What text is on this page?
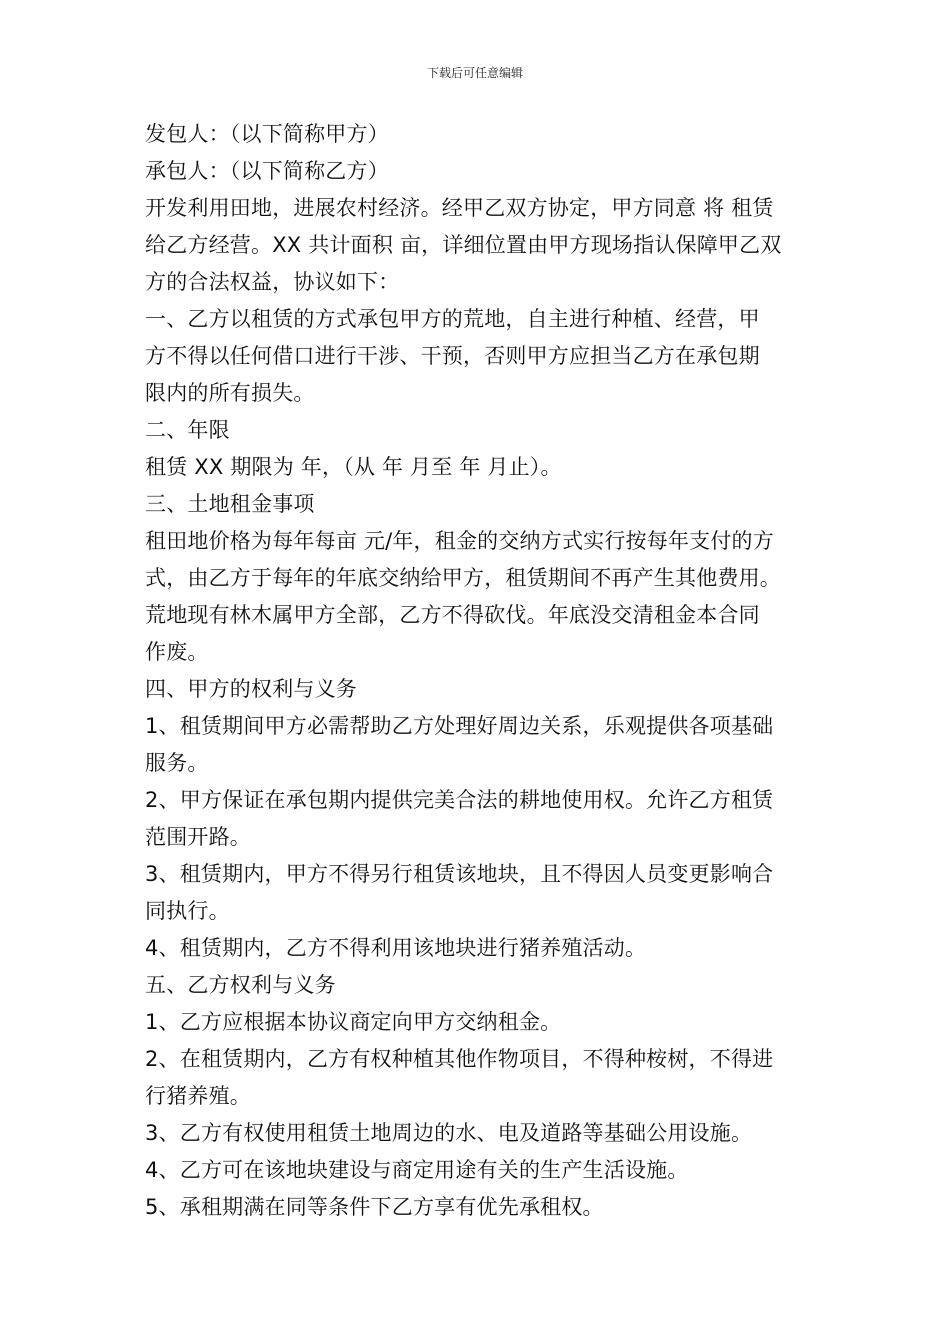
下载后可任意编辑
发包人：（以下简称甲方）
承包人：（以下简称乙方）
开发利用田地，进展农村经济。经甲乙双方协定，甲方同意 将 租赁
给乙方经营。XX 共计面积 亩，详细位置由甲方现场指认保障甲乙双
方的合法权益，协议如下：
一、乙方以租赁的方式承包甲方的荒地，自主进行种植、经营，甲
方不得以任何借口进行干涉、干预，否则甲方应担当乙方在承包期
限内的所有损失。
二、年限
租赁 XX 期限为 年，（从 年 月至 年 月止）。
三、土地租金事项
租田地价格为每年每亩 元/年，租金的交纳方式实行按每年支付的方
式，由乙方于每年的年底交纳给甲方，租赁期间不再产生其他费用。
荒地现有林木属甲方全部，乙方不得砍伐。年底没交清租金本合同
作废。
四、甲方的权利与义务
1、租赁期间甲方必需帮助乙方处理好周边关系，乐观提供各项基础
服务。
2、甲方保证在承包期内提供完美合法的耕地使用权。允许乙方租赁
范围开路。
3、租赁期内，甲方不得另行租赁该地块，且不得因人员变更影响合
同执行。
4、租赁期内，乙方不得利用该地块进行猪养殖活动。
五、乙方权利与义务
1、乙方应根据本协议商定向甲方交纳租金。
2、在租赁期内，乙方有权种植其他作物项目，不得种桉树，不得进
行猪养殖。
3、乙方有权使用租赁土地周边的水、电及道路等基础公用设施。
4、乙方可在该地块建设与商定用途有关的生产生活设施。
5、承租期满在同等条件下乙方享有优先承租权。
